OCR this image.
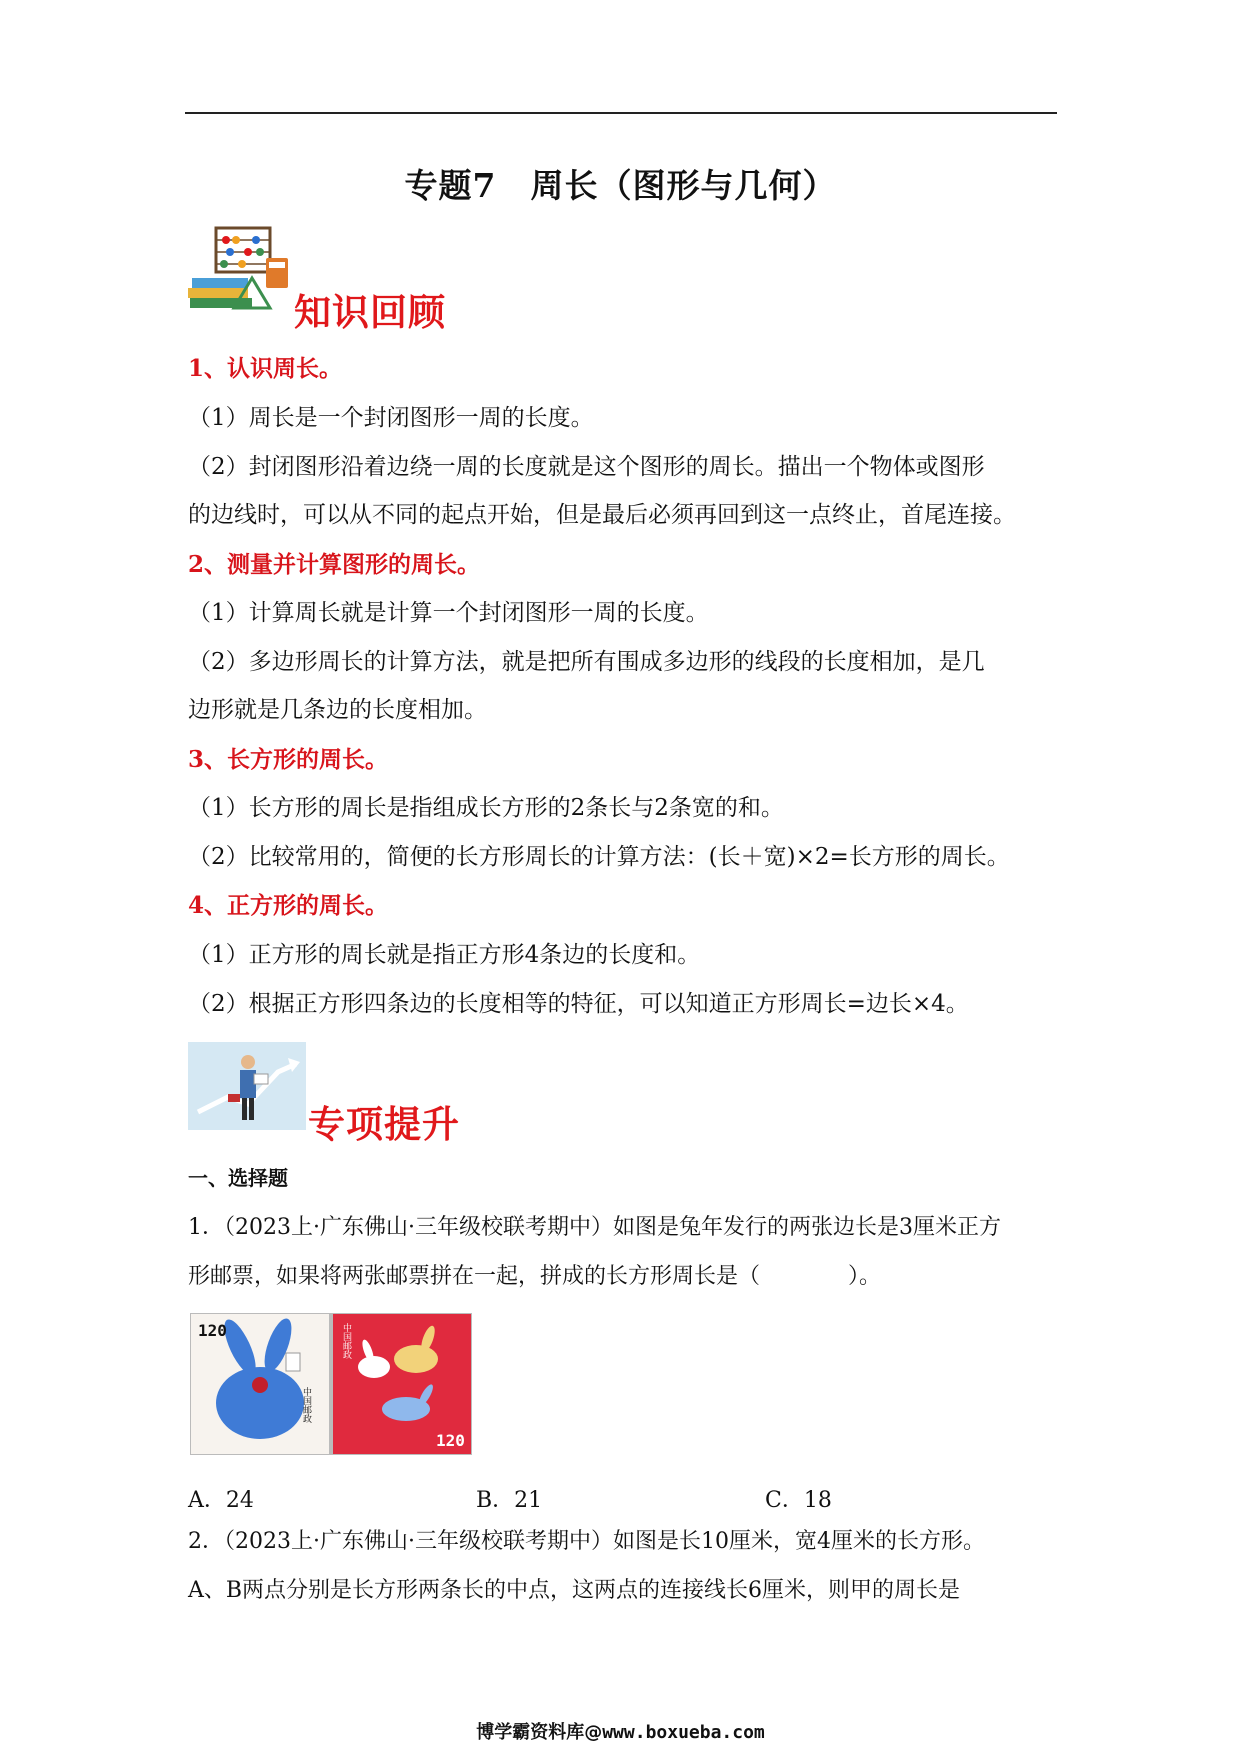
专题7　周长（图形与几何）
知识回顾
1、认识周长。
（1）周长是一个封闭图形一周的长度。
（2）封闭图形沿着边绕一周的长度就是这个图形的周长。描出一个物体或图形
的边线时，可以从不同的起点开始，但是最后必须再回到这一点终止，首尾连接。
2、测量并计算图形的周长。
（1）计算周长就是计算一个封闭图形一周的长度。
（2）多边形周长的计算方法，就是把所有围成多边形的线段的长度相加，是几
边形就是几条边的长度相加。
3、长方形的周长。
（1）长方形的周长是指组成长方形的2条长与2条宽的和。
（2）比较常用的，简便的长方形周长的计算方法：(长＋宽)×2=长方形的周长。
4、正方形的周长。
（1）正方形的周长就是指正方形4条边的长度和。
（2）根据正方形四条边的长度相等的特征，可以知道正方形周长=边长×4。
专项提升
一、选择题
1．（2023上·广东佛山·三年级校联考期中）如图是兔年发行的两张边长是3厘米正方
形邮票，如果将两张邮票拼在一起，拼成的长方形周长是（　　　　）。
120
中国邮政
120
中国邮政
A．24	B．21	C．18
2．（2023上·广东佛山·三年级校联考期中）如图是长10厘米，宽4厘米的长方形。
A、B两点分别是长方形两条长的中点，这两点的连接线长6厘米，则甲的周长是
博学霸资料库@www.boxueba.com
